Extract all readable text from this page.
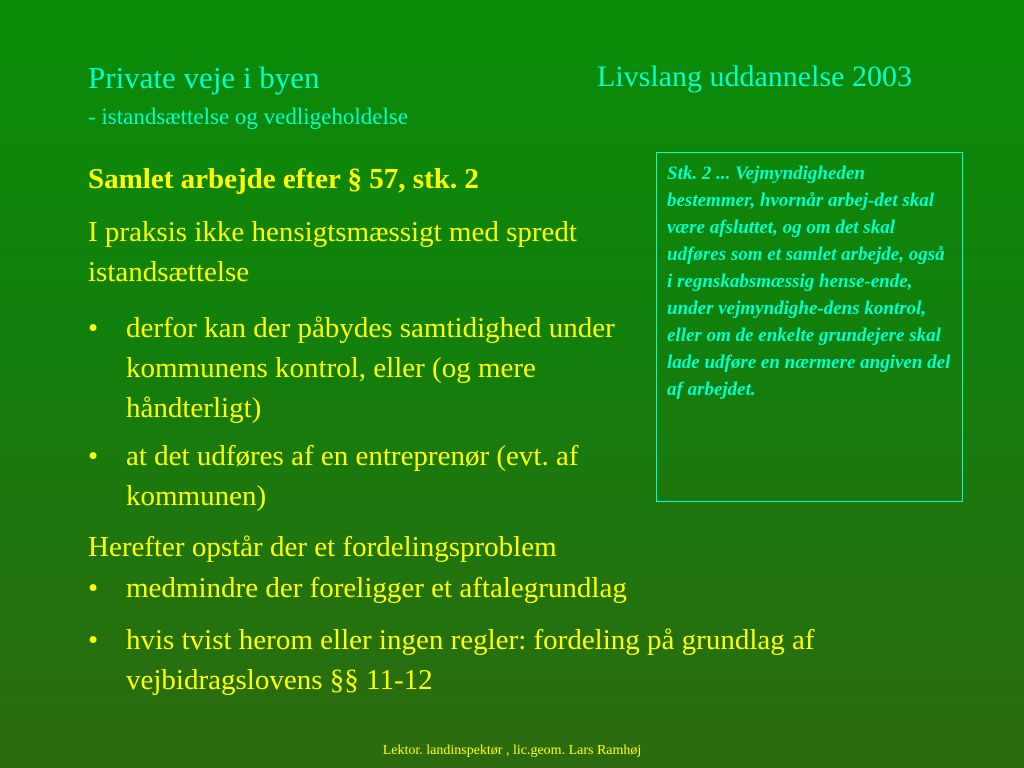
Private veje i byen
- istandsættelse og vedligeholdelse
Livslang uddannelse 2003
Samlet arbejde efter § 57, stk. 2
I praksis ikke hensigtsmæssigt med spredt istandsættelse
• derfor kan der påbydes samtidighed under kommunens kontrol, eller (og mere håndterligt)
• at det udføres af en entreprenør (evt. af kommunen)
Herefter opstår der et fordelingsproblem
• medmindre der foreligger et aftalegrundlag
• hvis tvist herom eller ingen regler: fordeling på grundlag af vejbidragslovens §§ 11-12
Stk. 2 ... Vejmyndigheden bestemmer, hvornår arbej-det skal være afsluttet, og om det skal udføres som et samlet arbejde, også i regnskabsmæssig hense-ende, under vejmyndighe-dens kontrol, eller om de enkelte grundejere skal lade udføre en nærmere angiven del af arbejdet.
Lektor. landinspektør , lic.geom. Lars Ramhøj
